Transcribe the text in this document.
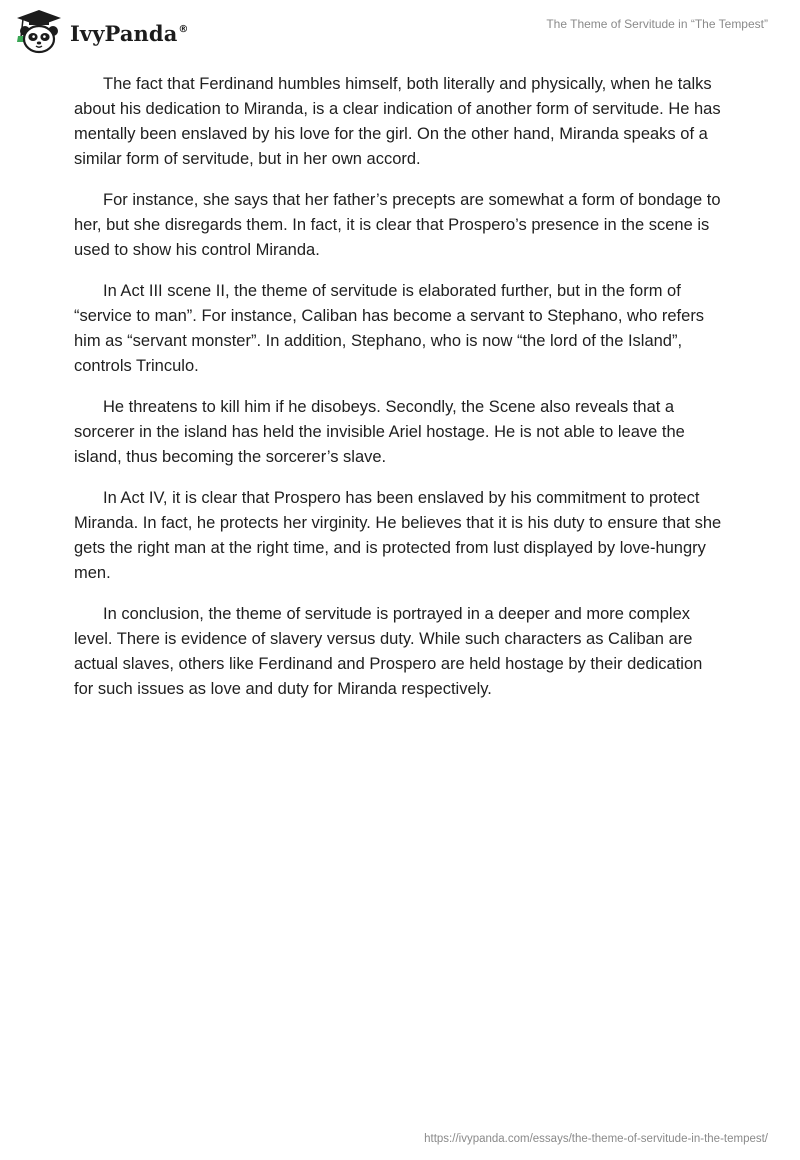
IvyPanda®	The Theme of Servitude in “The Tempest”

The fact that Ferdinand humbles himself, both literally and physically, when he talks about his dedication to Miranda, is a clear indication of another form of servitude. He has mentally been enslaved by his love for the girl. On the other hand, Miranda speaks of a similar form of servitude, but in her own accord.

For instance, she says that her father’s precepts are somewhat a form of bondage to her, but she disregards them. In fact, it is clear that Prospero’s presence in the scene is used to show his control Miranda.

In Act III scene II, the theme of servitude is elaborated further, but in the form of “service to man”. For instance, Caliban has become a servant to Stephano, who refers him as “servant monster”. In addition, Stephano, who is now “the lord of the Island”, controls Trinculo.

He threatens to kill him if he disobeys. Secondly, the Scene also reveals that a sorcerer in the island has held the invisible Ariel hostage. He is not able to leave the island, thus becoming the sorcerer’s slave.

In Act IV, it is clear that Prospero has been enslaved by his commitment to protect Miranda. In fact, he protects her virginity. He believes that it is his duty to ensure that she gets the right man at the right time, and is protected from lust displayed by love-hungry men.

In conclusion, the theme of servitude is portrayed in a deeper and more complex level. There is evidence of slavery versus duty. While such characters as Caliban are actual slaves, others like Ferdinand and Prospero are held hostage by their dedication for such issues as love and duty for Miranda respectively.

https://ivypanda.com/essays/the-theme-of-servitude-in-the-tempest/
